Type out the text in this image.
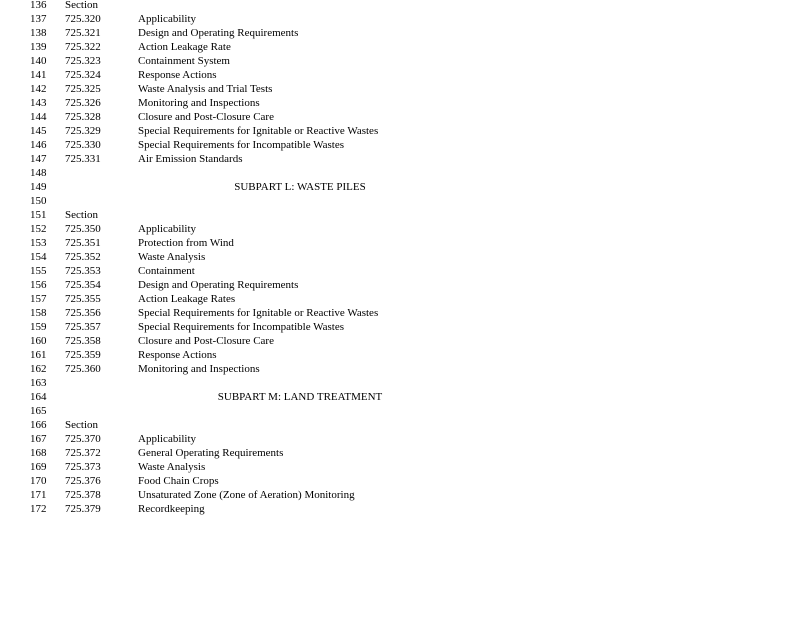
136 Section
137 725.320	Applicability
138 725.321	Design and Operating Requirements
139 725.322	Action Leakage Rate
140 725.323	Containment System
141 725.324	Response Actions
142 725.325	Waste Analysis and Trial Tests
143 725.326	Monitoring and Inspections
144 725.328	Closure and Post-Closure Care
145 725.329	Special Requirements for Ignitable or Reactive Wastes
146 725.330	Special Requirements for Incompatible Wastes
147 725.331	Air Emission Standards
148
149	SUBPART L: WASTE PILES
150
151 Section
152 725.350	Applicability
153 725.351	Protection from Wind
154 725.352	Waste Analysis
155 725.353	Containment
156 725.354	Design and Operating Requirements
157 725.355	Action Leakage Rates
158 725.356	Special Requirements for Ignitable or Reactive Wastes
159 725.357	Special Requirements for Incompatible Wastes
160 725.358	Closure and Post-Closure Care
161 725.359	Response Actions
162 725.360	Monitoring and Inspections
163
164	SUBPART M: LAND TREATMENT
165
166 Section
167 725.370	Applicability
168 725.372	General Operating Requirements
169 725.373	Waste Analysis
170 725.376	Food Chain Crops
171 725.378	Unsaturated Zone (Zone of Aeration) Monitoring
172 725.379	Recordkeeping
